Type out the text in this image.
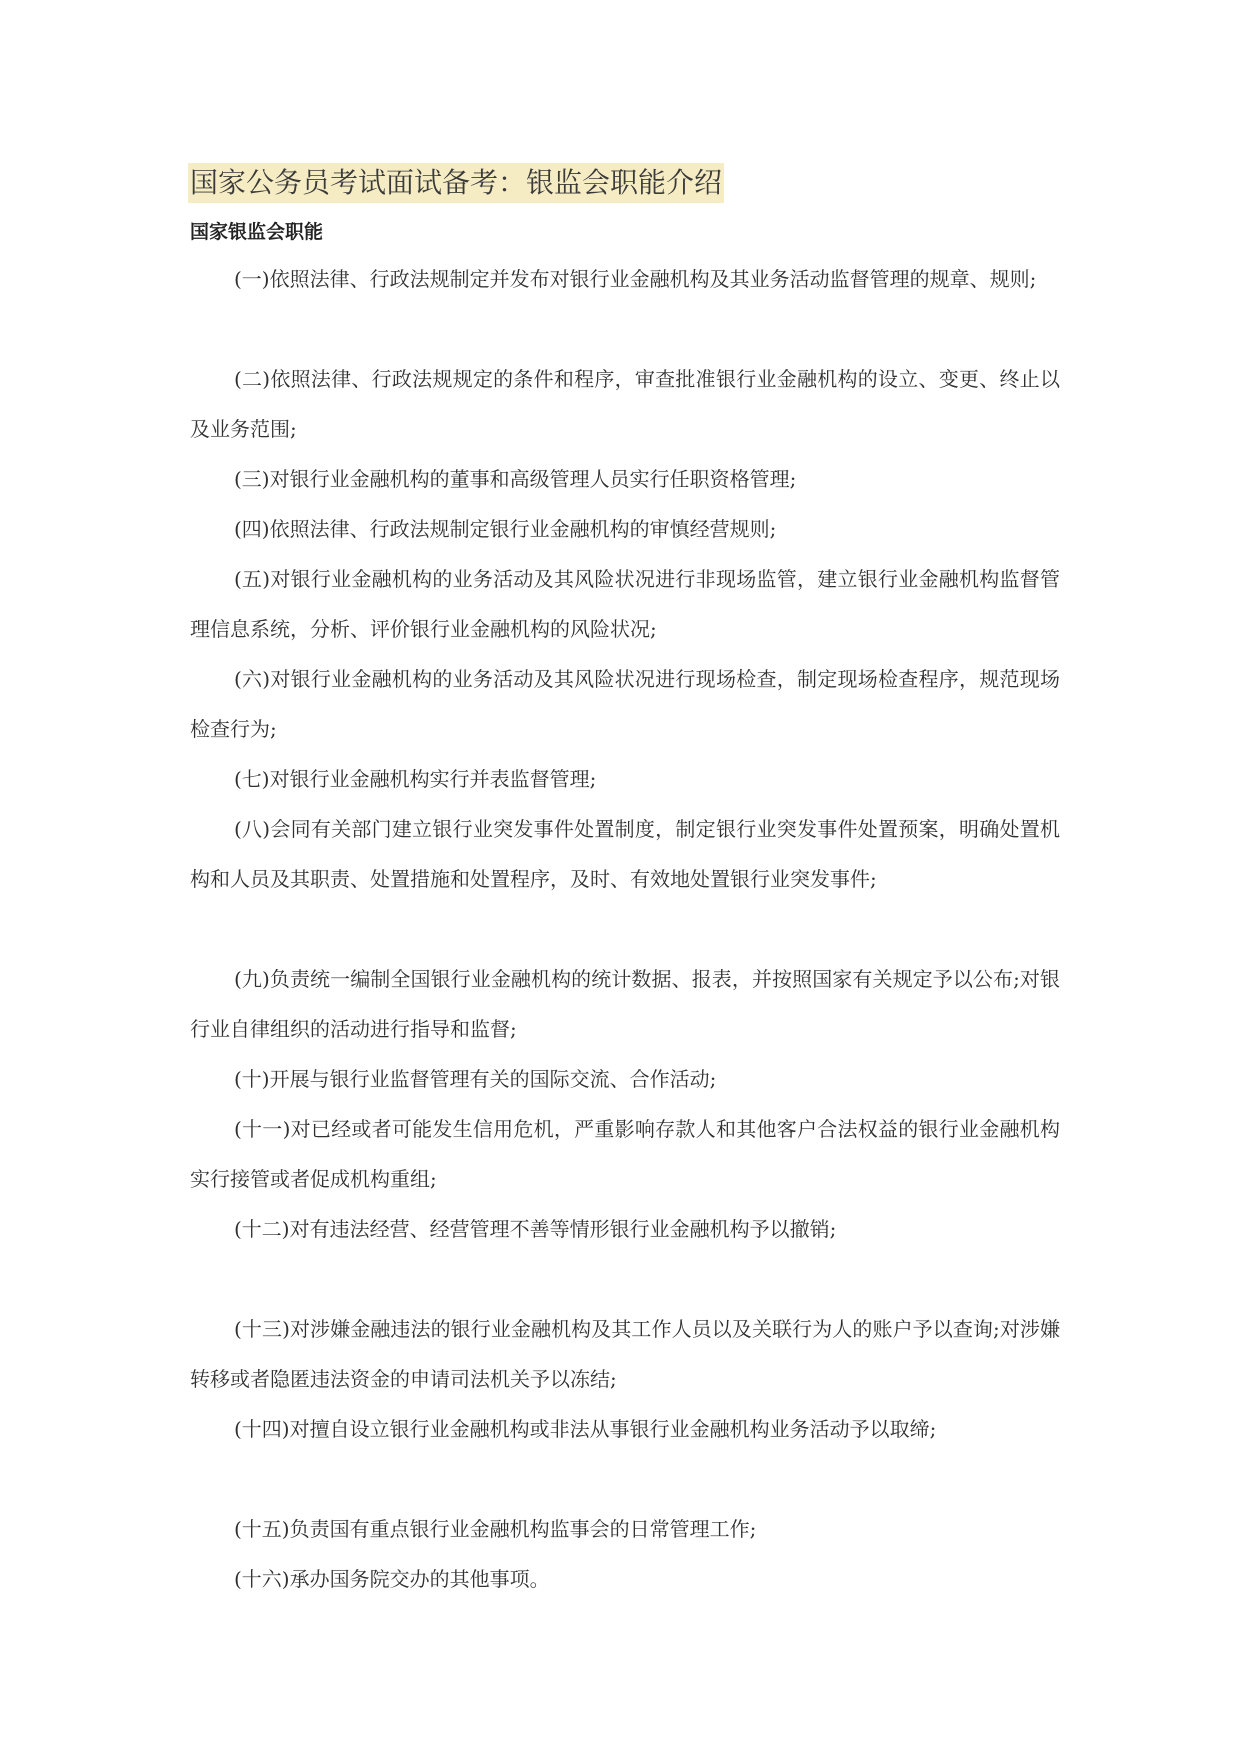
国家公务员考试面试备考：银监会职能介绍
国家银监会职能

(一)依照法律、行政法规制定并发布对银行业金融机构及其业务活动监督管理的规章、规则;

(二)依照法律、行政法规规定的条件和程序，审查批准银行业金融机构的设立、变更、终止以及业务范围;

(三)对银行业金融机构的董事和高级管理人员实行任职资格管理;

(四)依照法律、行政法规制定银行业金融机构的审慎经营规则;

(五)对银行业金融机构的业务活动及其风险状况进行非现场监管，建立银行业金融机构监督管理信息系统，分析、评价银行业金融机构的风险状况;

(六)对银行业金融机构的业务活动及其风险状况进行现场检查，制定现场检查程序，规范现场检查行为;

(七)对银行业金融机构实行并表监督管理;

(八)会同有关部门建立银行业突发事件处置制度，制定银行业突发事件处置预案，明确处置机构和人员及其职责、处置措施和处置程序，及时、有效地处置银行业突发事件;

(九)负责统一编制全国银行业金融机构的统计数据、报表，并按照国家有关规定予以公布;对银行业自律组织的活动进行指导和监督;

(十)开展与银行业监督管理有关的国际交流、合作活动;

(十一)对已经或者可能发生信用危机，严重影响存款人和其他客户合法权益的银行业金融机构实行接管或者促成机构重组;

(十二)对有违法经营、经营管理不善等情形银行业金融机构予以撤销;

(十三)对涉嫌金融违法的银行业金融机构及其工作人员以及关联行为人的账户予以查询;对涉嫌转移或者隐匿违法资金的申请司法机关予以冻结;

(十四)对擅自设立银行业金融机构或非法从事银行业金融机构业务活动予以取缔;

(十五)负责国有重点银行业金融机构监事会的日常管理工作;

(十六)承办国务院交办的其他事项。
